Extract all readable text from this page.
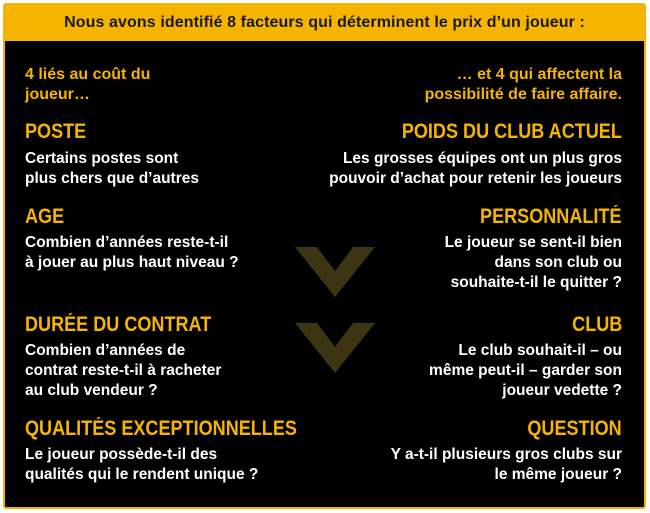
Nous avons identifié 8 facteurs qui déterminent le prix d’un joueur :
4 liés au coût du
joueur…
POSTE
Certains postes sont
plus chers que d’autres
AGE
Combien d’années reste-t-il
à jouer au plus haut niveau ?
DURÉE DU CONTRAT
Combien d’années de
contrat reste-t-il à racheter
au club vendeur ?
QUALITÉS EXCEPTIONNELLES
Le joueur possède-t-il des
qualités qui le rendent unique ?
… et 4 qui affectent la
possibilité de faire affaire.
POIDS DU CLUB ACTUEL
Les grosses équipes ont un plus gros
pouvoir d’achat pour retenir les joueurs
PERSONNALITÉ
Le joueur se sent-il bien
dans son club ou
souhaite-t-il le quitter ?
CLUB
Le club souhait-il – ou
même peut-il – garder son
joueur vedette ?
QUESTION
Y a-t-il plusieurs gros clubs sur
le même joueur ?
